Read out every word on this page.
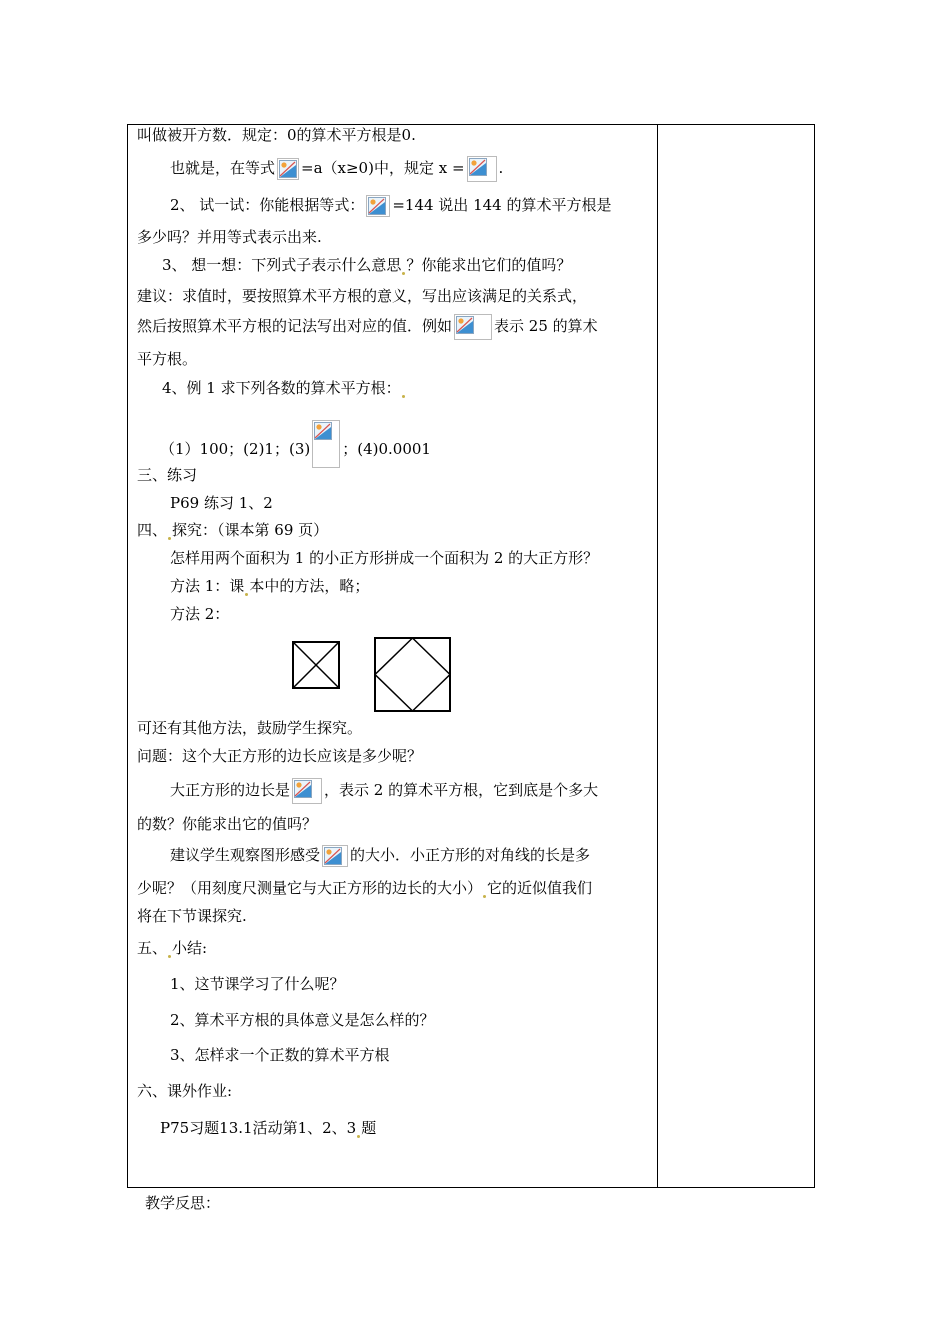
叫做被开方数．规定：0的算术平方根是0.
也就是，在等式 =a（x≥0)中，规定 x = .
2、 试一试：你能根据等式： =144 说出 144 的算术平方根是
多少吗？并用等式表示出来.
3、 想一想：下列式子表示什么意思 ？你能求出它们的值吗？
建议：求值时，要按照算术平方根的意义，写出应该满足的关系式，
然后按照算术平方根的记法写出对应的值．例如	表示 25 的算术
平方根。
4、例 1 求下列各数的算术平方根：
（1）100；(2)1；(3) ；(4)0.0001
三、练习
P69 练习 1、2
四、 探究：（课本第 69 页）
怎样用两个面积为 1 的小正方形拼成一个面积为 2 的大正方形？
方法 1：课 本中的方法，略；
方法 2：
可还有其他方法，鼓励学生探究。
问题：这个大正方形的边长应该是多少呢？
大正方形的边长是 ，表示 2 的算术平方根，它到底是个多大
的数？你能求出它的值吗？
建议学生观察图形感受 的大小．小正方形的对角线的长是多
少呢？（用刻度尺测量它与大正方形的边长的大小） 它的近似值我们
将在下节课探究.
五、 小结:
1、这节课学习了什么呢？
2、算术平方根的具体意义是怎么样的？
3、怎样求一个正数的算术平方根
六、课外作业:
P75习题13.1活动第1、2、3 题
教学反思：
